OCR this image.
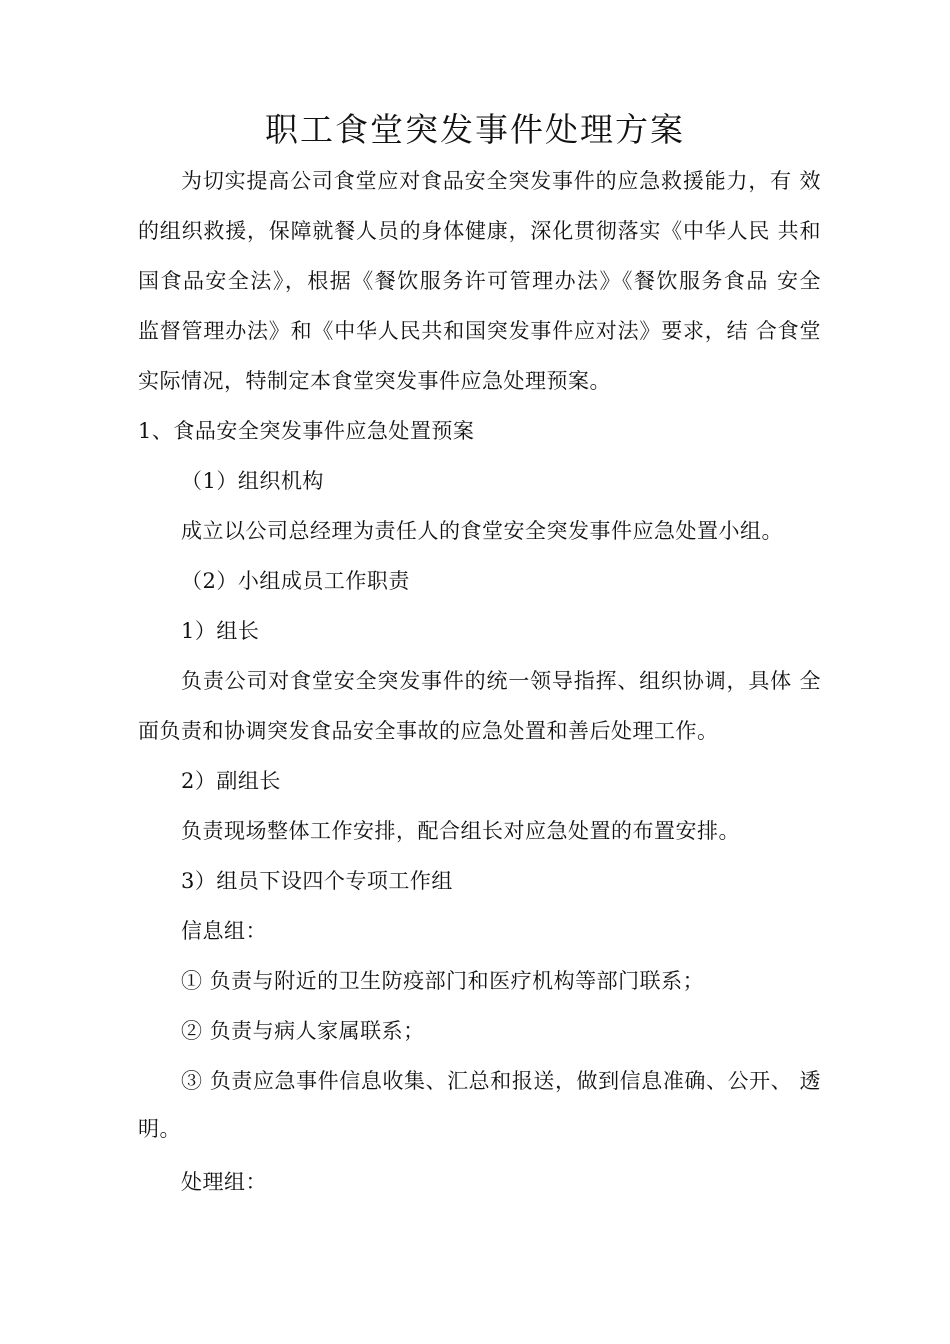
职工食堂突发事件处理方案
为切实提高公司食堂应对食品安全突发事件的应急救援能力，有 效
的组织救援，保障就餐人员的身体健康，深化贯彻落实《中华人民 共和
国食品安全法》，根据《餐饮服务许可管理办法》《餐饮服务食品 安全
监督管理办法》和《中华人民共和国突发事件应对法》要求，结 合食堂
实际情况，特制定本食堂突发事件应急处理预案。
1、食品安全突发事件应急处置预案
（1）组织机构
成立以公司总经理为责任人的食堂安全突发事件应急处置小组。
（2）小组成员工作职责
1）组长
负责公司对食堂安全突发事件的统一领导指挥、组织协调，具体 全
面负责和协调突发食品安全事故的应急处置和善后处理工作。
2）副组长
负责现场整体工作安排，配合组长对应急处置的布置安排。
3）组员下设四个专项工作组
信息组：
① 负责与附近的卫生防疫部门和医疗机构等部门联系；
② 负责与病人家属联系；
③ 负责应急事件信息收集、汇总和报送，做到信息准确、公开、 透
明。
处理组：
